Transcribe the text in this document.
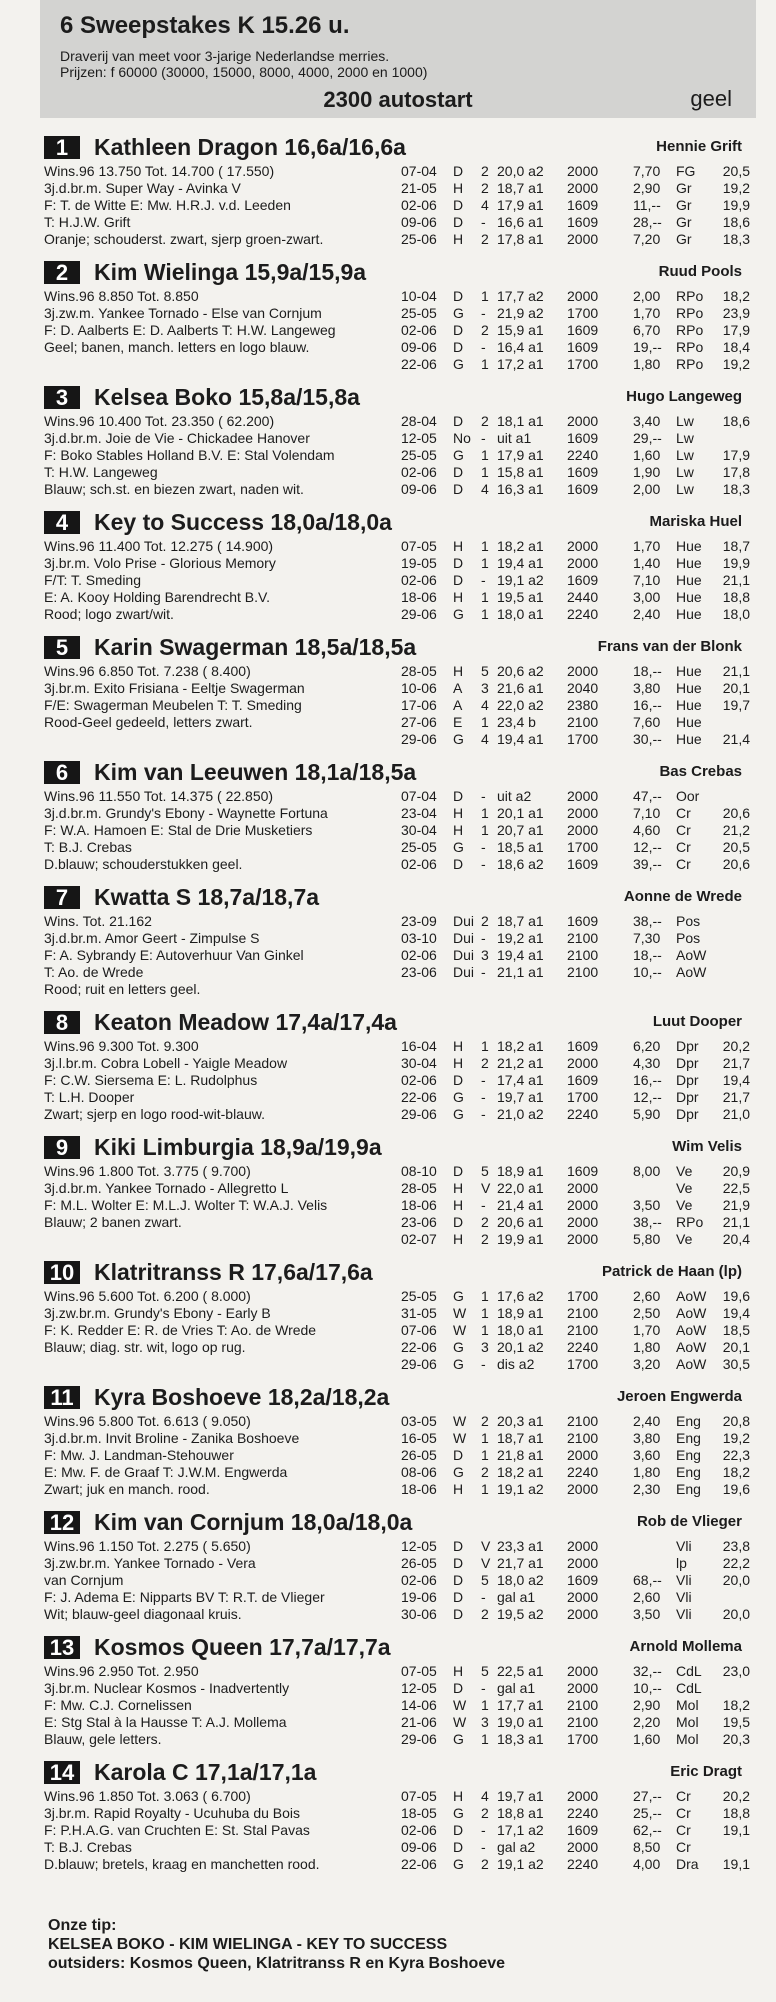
6 Sweepstakes K 15.26 u.
Draverij van meet voor 3-jarige Nederlandse merries.
Prijzen: f 60000 (30000, 15000, 8000, 4000, 2000 en 1000)
2300 autostart	geel
1	Kathleen Dragon 16,6a/16,6a	Hennie Grift
Wins.96 13.750 Tot. 14.700 ( 17.550)
3j.d.br.m. Super Way - Avinka V
F: T. de Witte E: Mw. H.R.J. v.d. Leeden
T: H.J.W. Grift
Oranje; schouderst. zwart, sjerp groen-zwart.
07-04 D 2 20,0 a2 2000 7,70 FG 20,5
21-05 H 2 18,7 a1 2000 2,90 Gr 19,2
02-06 D 4 17,9 a1 1609 11,-- Gr 19,9
09-06 D - 16,6 a1 1609 28,-- Gr 18,6
25-06 H 2 17,8 a1 2000 7,20 Gr 18,3
2	Kim Wielinga 15,9a/15,9a	Ruud Pools
Wins.96 8.850 Tot. 8.850
3j.zw.m. Yankee Tornado - Else van Cornjum
F: D. Aalberts E: D. Aalberts T: H.W. Langeweg
Geel; banen, manch. letters en logo blauw.
10-04 D 1 17,7 a2 2000 2,00 RPo 18,2
25-05 G - 21,9 a2 1700 1,70 RPo 23,9
02-06 D 2 15,9 a1 1609 6,70 RPo 17,9
09-06 D - 16,4 a1 1609 19,-- RPo 18,4
22-06 G 1 17,2 a1 1700 1,80 RPo 19,2
3	Kelsea Boko 15,8a/15,8a	Hugo Langeweg
Wins.96 10.400 Tot. 23.350 ( 62.200)
3j.d.br.m. Joie de Vie - Chickadee Hanover
F: Boko Stables Holland B.V. E: Stal Volendam
T: H.W. Langeweg
Blauw; sch.st. en biezen zwart, naden wit.
28-04 D 2 18,1 a1 2000 3,40 Lw 18,6
12-05 No - uit a1	1609 29,-- Lw
25-05 G 1 17,9 a1 2240 1,60 Lw 17,9
02-06 D 1 15,8 a1 1609 1,90 Lw 17,8
09-06 D 4 16,3 a1 1609 2,00 Lw 18,3
4	Key to Success 18,0a/18,0a	Mariska Huel
Wins.96 11.400 Tot. 12.275 ( 14.900)
3j.br.m. Volo Prise - Glorious Memory
F/T: T. Smeding
E: A. Kooy Holding Barendrecht B.V.
Rood; logo zwart/wit.
07-05 H 1 18,2 a1 2000 1,70 Hue 18,7
19-05 D 1 19,4 a1 2000 1,40 Hue 19,9
02-06 D - 19,1 a2 1609 7,10 Hue 21,1
18-06 H 1 19,5 a1 2440 3,00 Hue 18,8
29-06 G 1 18,0 a1 2240 2,40 Hue 18,0
5	Karin Swagerman 18,5a/18,5a	Frans van der Blonk
Wins.96 6.850 Tot. 7.238 ( 8.400)
3j.br.m. Exito Frisiana - Eeltje Swagerman
F/E: Swagerman Meubelen T: T. Smeding
Rood-Geel gedeeld, letters zwart.
28-05 H 5 20,6 a2 2000 18,-- Hue 21,1
10-06 A 3 21,6 a1 2040 3,80 Hue 20,1
17-06 A 4 22,0 a2 2380 16,-- Hue 19,7
27-06 E 1 23,4 b 2100 7,60 Hue
29-06 G 4 19,4 a1 1700 30,-- Hue 21,4
6	Kim van Leeuwen 18,1a/18,5a	Bas Crebas
Wins.96 11.550 Tot. 14.375 ( 22.850)
3j.d.br.m. Grundy's Ebony - Waynette Fortuna
F: W.A. Hamoen E: Stal de Drie Musketiers
T: B.J. Crebas
D.blauw; schouderstukken geel.
07-04 D - uit a2	2000 47,-- Oor
23-04 H 1 20,1 a1 2000 7,10 Cr 20,6
30-04 H 1 20,7 a1 2000 4,60 Cr 21,2
25-05 G - 18,5 a1 1700 12,-- Cr 20,5
02-06 D - 18,6 a2 1609 39,-- Cr 20,6
7	Kwatta S 18,7a/18,7a	Aonne de Wrede
Wins. Tot. 21.162
3j.d.br.m. Amor Geert - Zimpulse S
F: A. Sybrandy E: Autoverhuur Van Ginkel
T: Ao. de Wrede
Rood; ruit en letters geel.
23-09 Dui 2 18,7 a1 1609 38,-- Pos
03-10 Dui - 19,2 a1 2100 7,30 Pos
02-06 Dui 3 19,4 a1 2100 18,-- AoW
23-06 Dui - 21,1 a1 2100 10,-- AoW
8	Keaton Meadow 17,4a/17,4a	Luut Dooper
Wins.96 9.300 Tot. 9.300
3j.l.br.m. Cobra Lobell - Yaigle Meadow
F: C.W. Siersema E: L. Rudolphus
T: L.H. Dooper
Zwart; sjerp en logo rood-wit-blauw.
16-04 H 1 18,2 a1 1609 6,20 Dpr 20,2
30-04 H 2 21,2 a1 2000 4,30 Dpr 21,7
02-06 D - 17,4 a1 1609 16,-- Dpr 19,4
22-06 G - 19,7 a1 1700 12,-- Dpr 21,7
29-06 G - 21,0 a2 2240 5,90 Dpr 21,0
9	Kiki Limburgia 18,9a/19,9a	Wim Velis
Wins.96 1.800 Tot. 3.775 ( 9.700)
3j.d.br.m. Yankee Tornado - Allegretto L
F: M.L. Wolter E: M.L.J. Wolter T: W.A.J. Velis
Blauw; 2 banen zwart.
08-10 D 5 18,9 a1 1609 8,00 Ve 20,9
28-05 H V 22,0 a1 2000	Ve 22,5
18-06 H - 21,4 a1 2000 3,50 Ve 21,9
23-06 D 2 20,6 a1 2000 38,-- RPo 21,1
02-07 H 2 19,9 a1 2000 5,80 Ve 20,4
10 Klatritranss R 17,6a/17,6a	Patrick de Haan (lp)
Wins.96 5.600 Tot. 6.200 ( 8.000)
3j.zw.br.m. Grundy's Ebony - Early B
F: K. Redder E: R. de Vries T: Ao. de Wrede
Blauw; diag. str. wit, logo op rug.
25-05 G 1 17,6 a2 1700 2,60 AoW 19,6
31-05 W 1 18,9 a1 2100 2,50 AoW 19,4
07-06 W 1 18,0 a1 2100 1,70 AoW 18,5
22-06 G 3 20,1 a2 2240 1,80 AoW 20,1
29-06 G - dis a2 1700 3,20 AoW 30,5
11 Kyra Boshoeve 18,2a/18,2a	Jeroen Engwerda
Wins.96 5.800 Tot. 6.613 ( 9.050)
3j.d.br.m. Invit Broline - Zanika Boshoeve
F: Mw. J. Landman-Stehouwer
E: Mw. F. de Graaf T: J.W.M. Engwerda
Zwart; juk en manch. rood.
03-05 W 2 20,3 a1 2100 2,40 Eng 20,8
16-05 W 1 18,7 a1 2100 3,80 Eng 19,2
26-05 D 1 21,8 a1 2000 3,60 Eng 22,3
08-06 G 2 18,2 a1 2240 1,80 Eng 18,2
18-06 H 1 19,1 a2 2000 2,30 Eng 19,6
12 Kim van Cornjum 18,0a/18,0a	Rob de Vlieger
Wins.96 1.150 Tot. 2.275 ( 5.650)
3j.zw.br.m. Yankee Tornado - Vera
van Cornjum
F: J. Adema E: Nipparts BV T: R.T. de Vlieger
Wit; blauw-geel diagonaal kruis.
12-05 D V 23,3 a1 2000	Vli 23,8
26-05 D V 21,7 a1 2000	lp	22,2
02-06 D 5 18,0 a2 1609 68,-- Vli 20,0
19-06 D - gal a1 2000 2,60 Vli
30-06 D 2 19,5 a2 2000 3,50 Vli 20,0
13 Kosmos Queen 17,7a/17,7a	Arnold Mollema
Wins.96 2.950 Tot. 2.950
3j.br.m. Nuclear Kosmos - Inadvertently
F: Mw. C.J. Cornelissen
E: Stg Stal à la Hausse T: A.J. Mollema
Blauw, gele letters.
07-05 H 5 22,5 a1 2000 32,-- CdL 23,0
12-05 D - gal a1 2000 10,-- CdL
14-06 W 1 17,7 a1 2100 2,90 Mol 18,2
21-06 W 3 19,0 a1 2100 2,20 Mol 19,5
29-06 G 1 18,3 a1 1700 1,60 Mol 20,3
14 Karola C 17,1a/17,1a	Eric Dragt
Wins.96 1.850 Tot. 3.063 ( 6.700)
3j.br.m. Rapid Royalty - Ucuhuba du Bois
F: P.H.A.G. van Cruchten E: St. Stal Pavas
T: B.J. Crebas
D.blauw; bretels, kraag en manchetten rood.
07-05 H 4 19,7 a1 2000 27,-- Cr 20,2
18-05 G 2 18,8 a1 2240 25,-- Cr 18,8
02-06 D - 17,1 a2 1609 62,-- Cr 19,1
09-06 D - gal a2 2000 8,50 Cr
22-06 G 2 19,1 a2 2240 4,00 Dra 19,1
Onze tip:
KELSEA BOKO - KIM WIELINGA - KEY TO SUCCESS
outsiders: Kosmos Queen, Klatritranss R en Kyra Boshoeve
